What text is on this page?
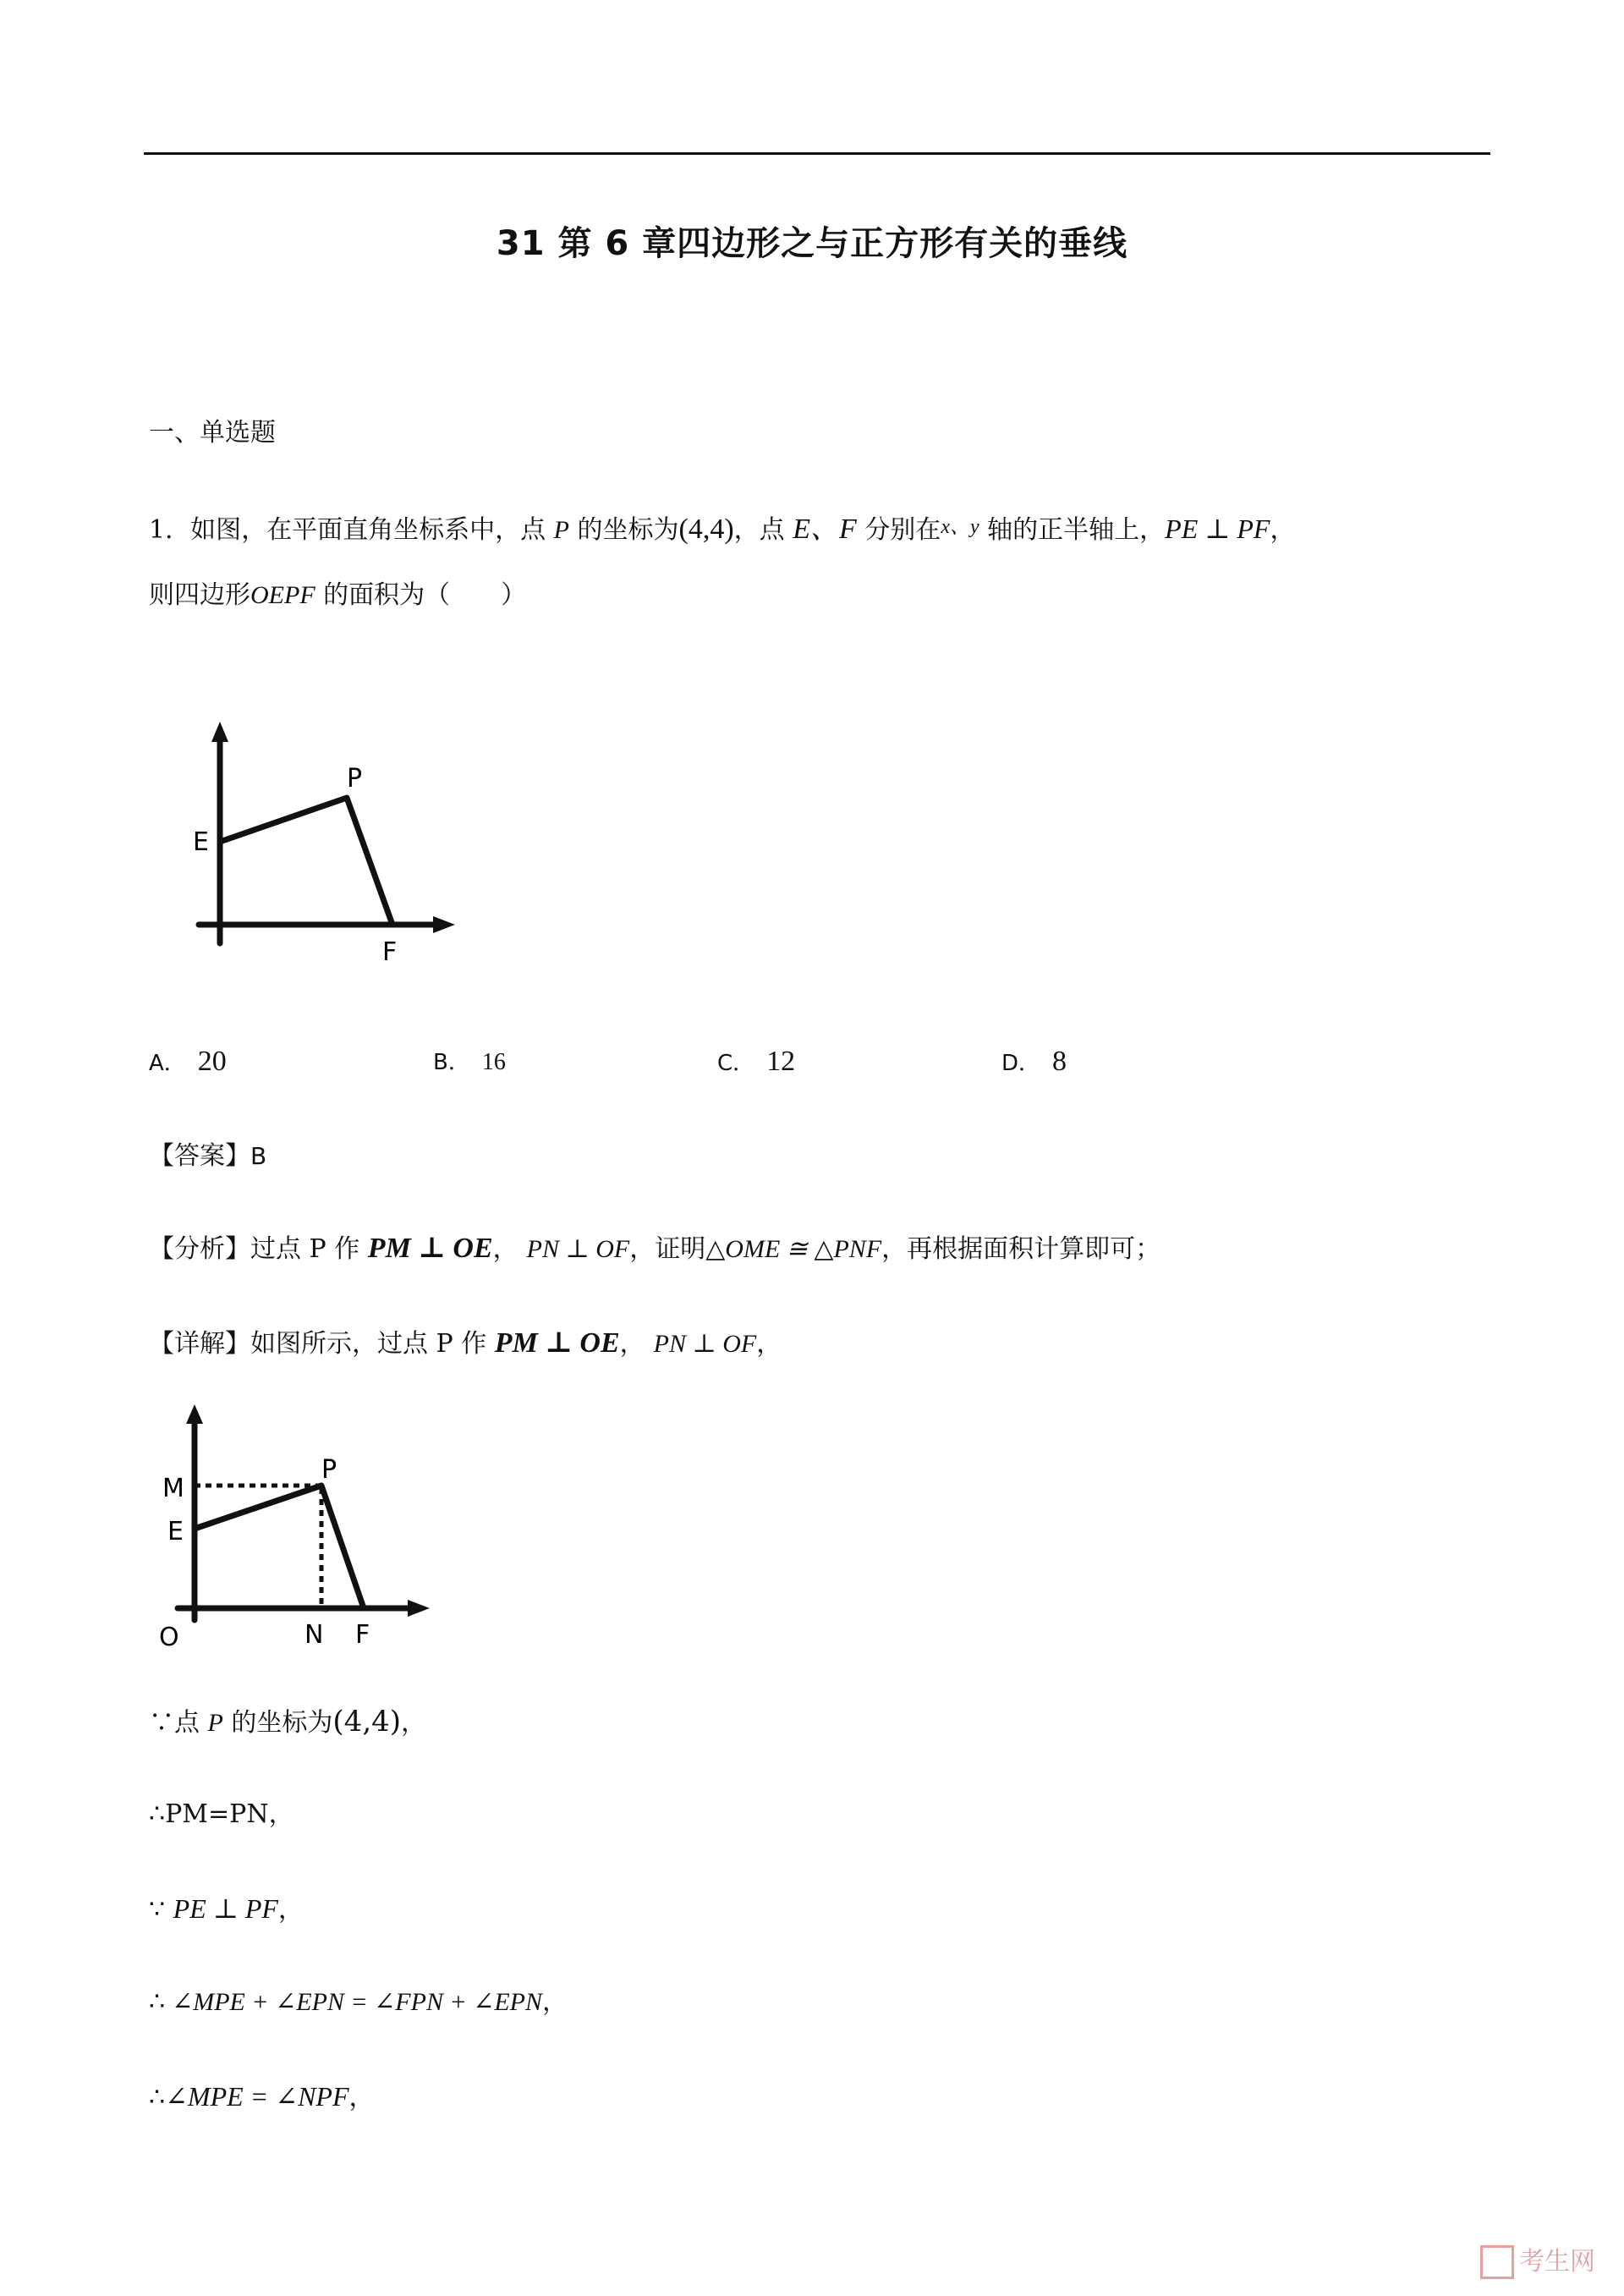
31 第 6 章四边形之与正方形有关的垂线
一、单选题
1．如图，在平面直角坐标系中，点 P 的坐标为(4,4)，点 E、F 分别在$^{x、y}$ 轴的正半轴上，PE ⊥ PF，
则四边形OEPF 的面积为（　　）
E
P
F
A． 20	B． 16	C． 12	D． 8
【答案】B
【分析】过点 P 作 PM ⊥ OE， PN ⊥ OF，证明△OME ≅ △PNF，再根据面积计算即可；
【详解】如图所示，过点 P 作 PM ⊥ OE， PN ⊥ OF，
M
E
P
O	N F
∵点 P 的坐标为(4,4)，
∴PM=PN，
∵ PE ⊥ PF，
∴ ∠MPE + ∠EPN = ∠FPN + ∠EPN，
∴∠MPE = ∠NPF，
考生网
